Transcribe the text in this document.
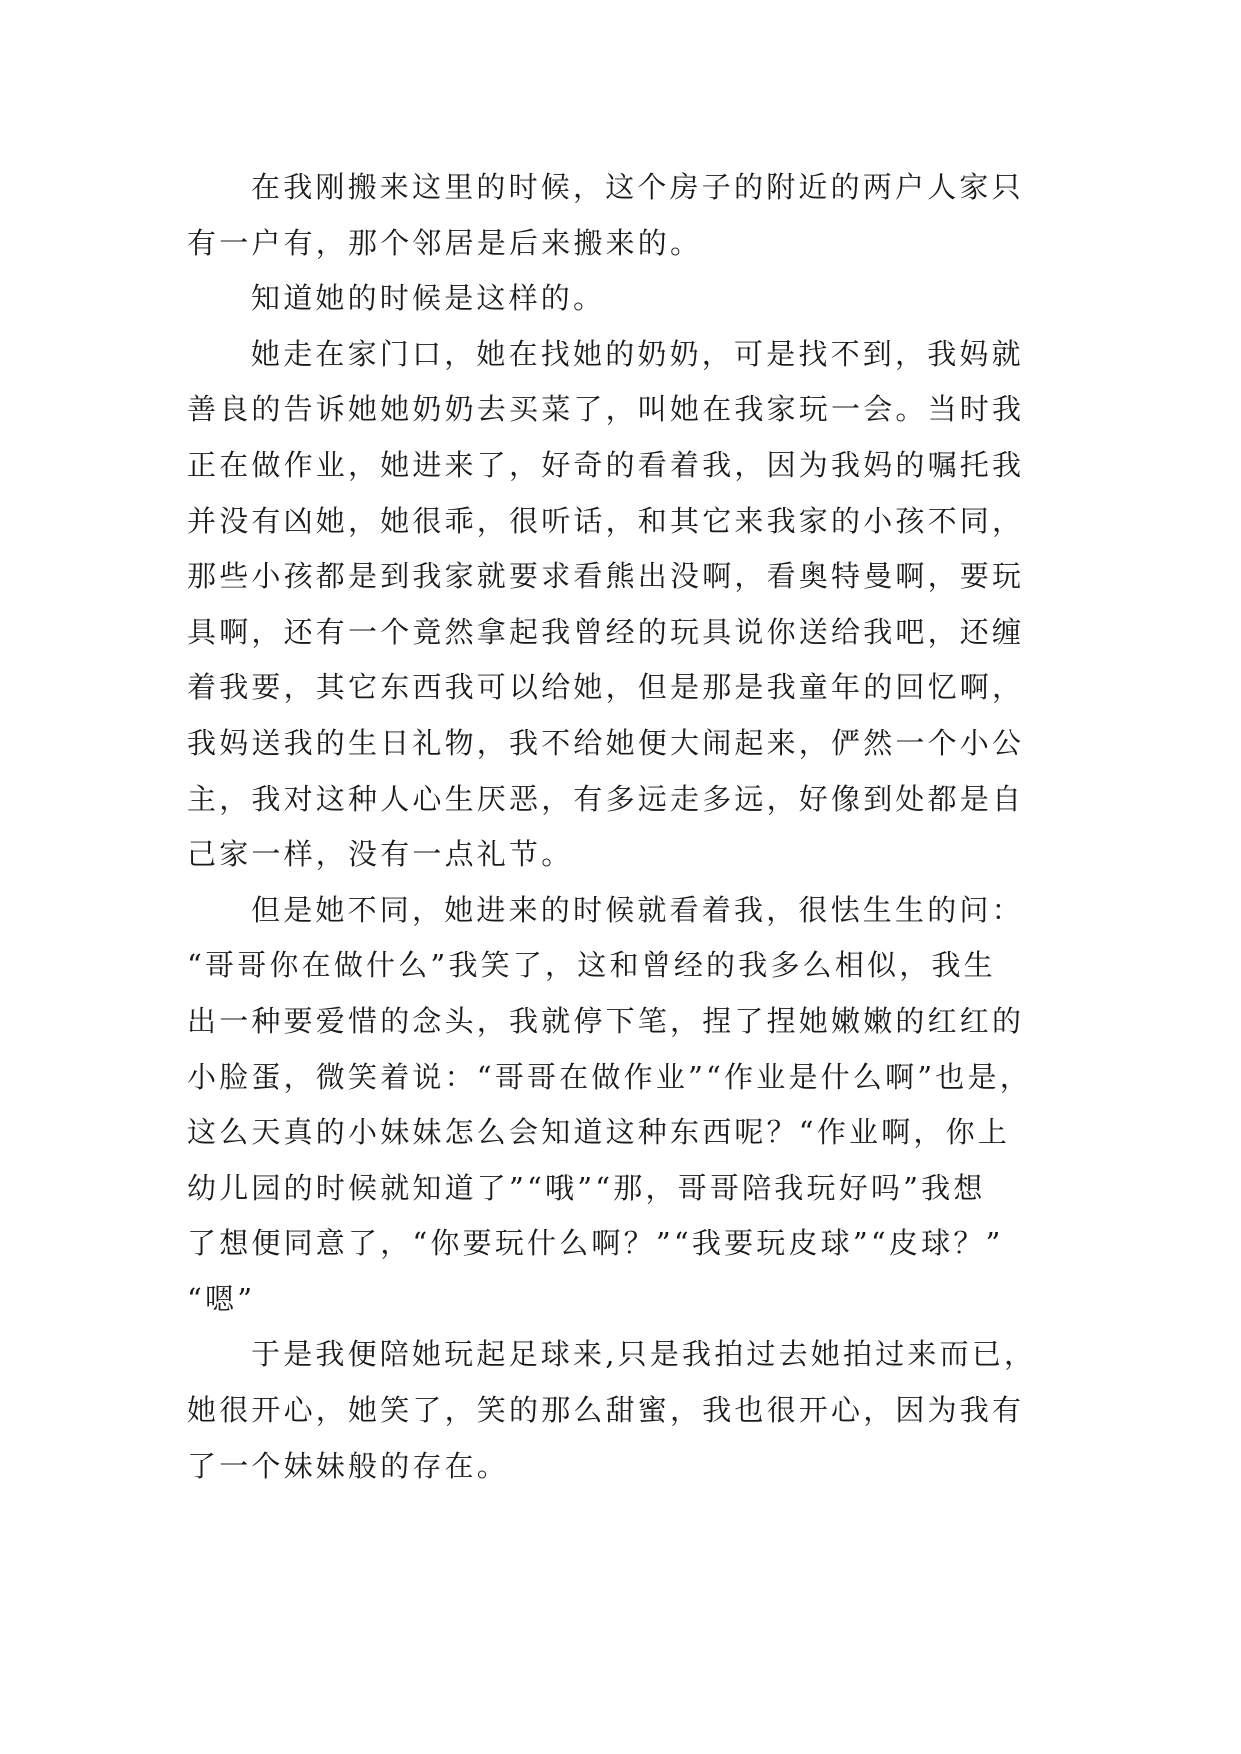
在我刚搬来这里的时候，这个房子的附近的两户人家只
有一户有，那个邻居是后来搬来的。
知道她的时候是这样的。
她走在家门口，她在找她的奶奶，可是找不到，我妈就
善良的告诉她她奶奶去买菜了，叫她在我家玩一会。当时我
正在做作业，她进来了，好奇的看着我，因为我妈的嘱托我
并没有凶她，她很乖，很听话，和其它来我家的小孩不同，
那些小孩都是到我家就要求看熊出没啊，看奥特曼啊，要玩
具啊，还有一个竟然拿起我曾经的玩具说你送给我吧，还缠
着我要，其它东西我可以给她，但是那是我童年的回忆啊，
我妈送我的生日礼物，我不给她便大闹起来，俨然一个小公
主，我对这种人心生厌恶，有多远走多远，好像到处都是自
己家一样，没有一点礼节。
但是她不同，她进来的时候就看着我，很怯生生的问：
“哥哥你在做什么”我笑了，这和曾经的我多么相似，我生
出一种要爱惜的念头，我就停下笔，捏了捏她嫩嫩的红红的
小脸蛋，微笑着说：“哥哥在做作业”“作业是什么啊”也是，
这么天真的小妹妹怎么会知道这种东西呢？“作业啊，你上
幼儿园的时候就知道了”“哦”“那，哥哥陪我玩好吗”我想
了想便同意了，“你要玩什么啊？”“我要玩皮球”“皮球？”
“嗯”
于是我便陪她玩起足球来,只是我拍过去她拍过来而已，
她很开心，她笑了，笑的那么甜蜜，我也很开心，因为我有
了一个妹妹般的存在。
